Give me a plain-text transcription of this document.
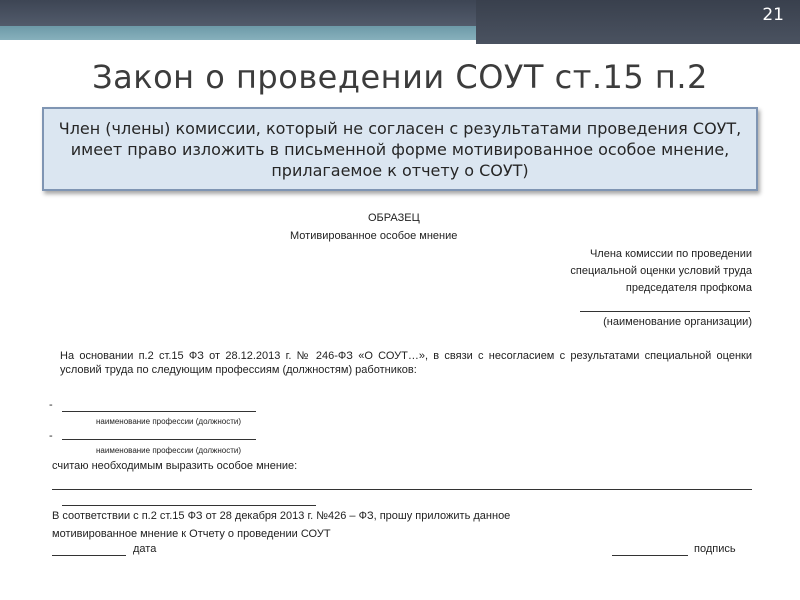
21
Закон о проведении СОУТ ст.15 п.2
Член (члены) комиссии, который не согласен с результатами проведения СОУТ, имеет право изложить в письменной форме мотивированное особое мнение, прилагаемое к отчету о СОУТ)
ОБРАЗЕЦ
Мотивированное особое мнение
Члена комиссии по проведении
специальной оценки условий труда
председателя профкома
(наименование организации)
На основании п.2 ст.15 ФЗ от 28.12.2013 г. № 246-ФЗ «О СОУТ…», в связи с несогласием с результатами специальной оценки условий труда по следующим профессиям (должностям) работников:
-
наименование профессии (должности)
-
наименование профессии (должности)
считаю необходимым выразить особое мнение:
В соответствии с п.2 ст.15 ФЗ от 28 декабря 2013 г. №426 – ФЗ, прошу приложить данное
мотивированное мнение к Отчету о проведении СОУТ
дата	подпись
